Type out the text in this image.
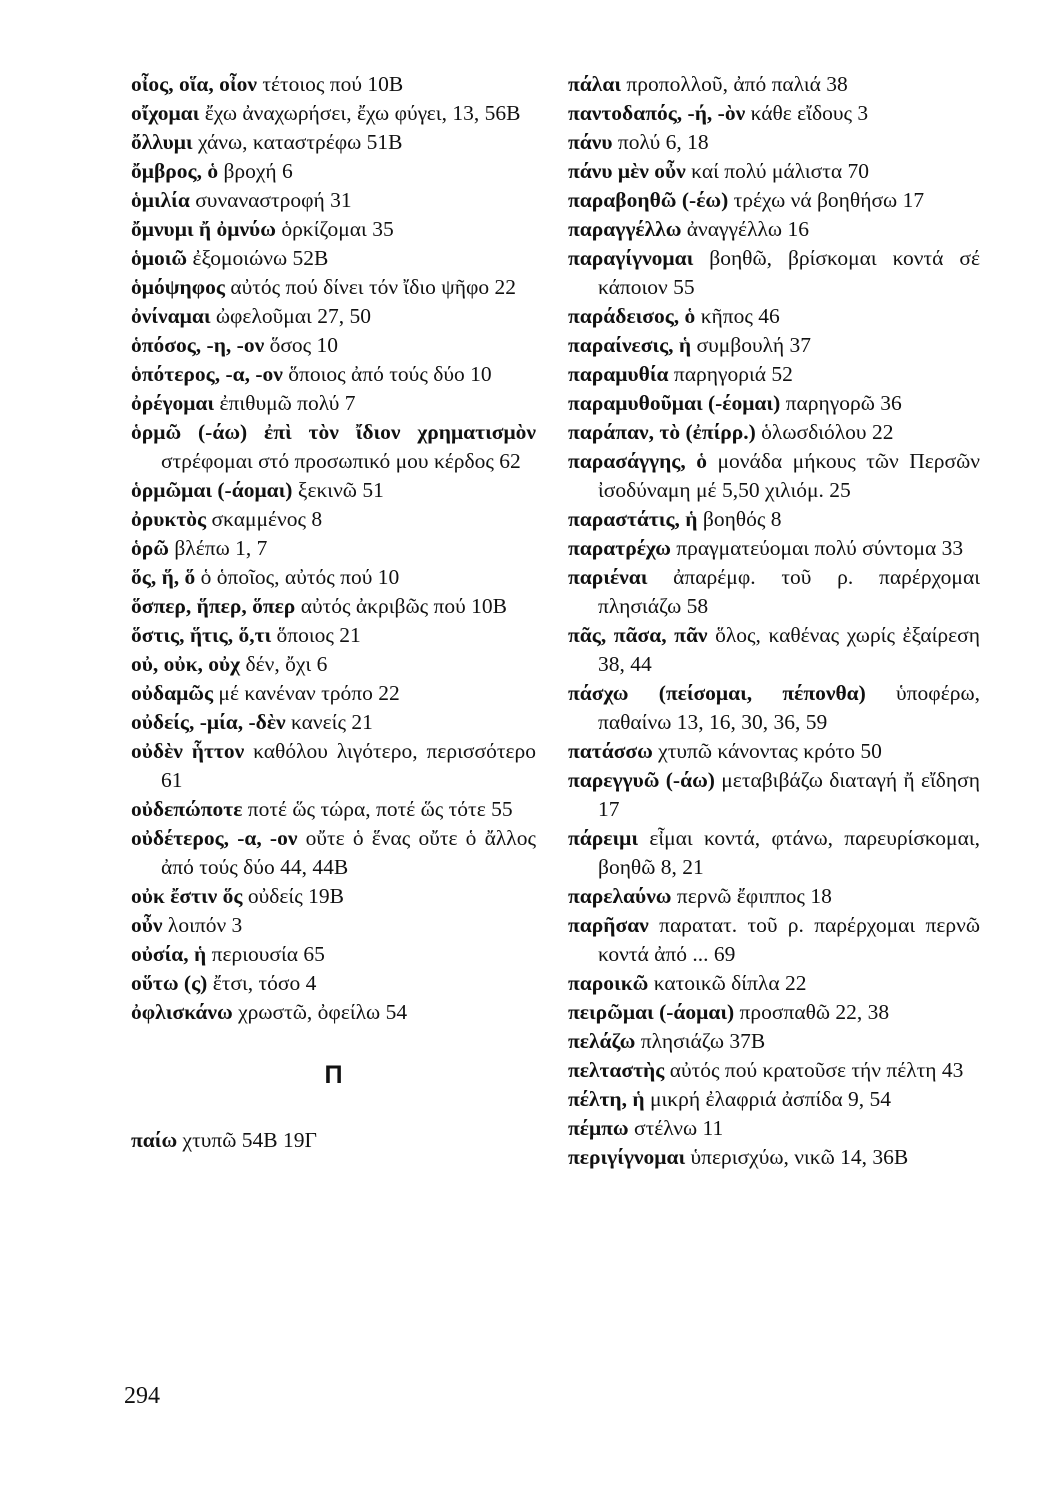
οἶος, οἵα, οἶον τέτοιος πού 10Β
οἴχομαι ἔχω ἀναχωρήσει, ἔχω φύγει, 13, 56Β
ὄλλυμι χάνω, καταστρέφω 51Β
ὄμβρος, ὁ βροχή 6
ὁμιλία συναναστροφή 31
ὄμνυμι ἤ ὀμνύω ὁρκίζομαι 35
ὁμοιῶ ἐξομοιώνω 52Β
ὁμόψηφος αὐτός πού δίνει τόν ἴδιο ψῆφο 22
ὀνίναμαι ὠφελοῦμαι 27, 50
ὁπόσος, -η, -ον ὅσος 10
ὁπότερος, -α, -ον ὅποιος ἀπό τούς δύο 10
ὀρέγομαι ἐπιθυμῶ πολύ 7
ὁρμῶ (-άω) ἐπὶ τὸν ἴδιον χρηματισμὸν στρέφομαι στό προσωπικό μου κέρδος 62
ὁρμῶμαι (-άομαι) ξεκινῶ 51
ὀρυκτὸς σκαμμένος 8
ὁρῶ βλέπω 1, 7
ὅς, ἥ, ὅ ὁ ὁποῖος, αὐτός πού 10
ὅσπερ, ἥπερ, ὅπερ αὐτός ἀκριβῶς πού 10Β
ὅστις, ἥτις, ὅ,τι ὅποιος 21
οὐ, οὐκ, οὐχ δέν, ὄχι 6
οὐδαμῶς μέ κανέναν τρόπο 22
οὐδείς, -μία, -δὲν κανείς 21
οὐδὲν ἧττον καθόλου λιγότερο, περισσότερο 61
οὐδεπώποτε ποτέ ὥς τώρα, ποτέ ὥς τότε 55
οὐδέτερος, -α, -ον οὔτε ὁ ἕνας οὔτε ὁ ἄλλος ἀπό τούς δύο 44, 44Β
οὐκ ἔστιν ὅς οὐδείς 19Β
οὖν λοιπόν 3
οὐσία, ἡ περιουσία 65
οὕτω (ς) ἔτσι, τόσο 4
ὀφλισκάνω χρωστῶ, ὀφείλω 54
Π
παίω χτυπῶ 54Β 19Γ
πάλαι προπολλοῦ, ἀπό παλιά 38
παντοδαπός, -ή, -ὸν κάθε εἴδους 3
πάνυ πολύ 6, 18
πάνυ μὲν οὖν καί πολύ μάλιστα 70
παραβοηθῶ (-έω) τρέχω νά βοηθήσω 17
παραγγέλλω ἀναγγέλλω 16
παραγίγνομαι βοηθῶ, βρίσκομαι κοντά σέ κάποιον 55
παράδεισος, ὁ κῆπος 46
παραίνεσις, ἡ συμβουλή 37
παραμυθία παρηγοριά 52
παραμυθοῦμαι (-έομαι) παρηγορῶ 36
παράπαν, τὸ (ἐπίρρ.) ὁλωσδιόλου 22
παρασάγγης, ὁ μονάδα μήκους τῶν Περσῶν ἰσοδύναμη μέ 5,50 χιλιόμ. 25
παραστάτις, ἡ βοηθός 8
παρατρέχω πραγματεύομαι πολύ σύντομα 33
παριέναι ἀπαρέμφ. τοῦ ρ. παρέρχομαι πλησιάζω 58
πᾶς, πᾶσα, πᾶν ὅλος, καθένας χωρίς ἐξαίρεση 38, 44
πάσχω (πείσομαι, πέπονθα) ὑποφέρω, παθαίνω 13, 16, 30, 36, 59
πατάσσω χτυπῶ κάνοντας κρότο 50
παρεγγυῶ (-άω) μεταβιβάζω διαταγή ἤ εἴδηση 17
πάρειμι εἶμαι κοντά, φτάνω, παρευρίσκομαι, βοηθῶ 8, 21
παρελαύνω περνῶ ἔφιππος 18
παρῆσαν παρατατ. τοῦ ρ. παρέρχομαι περνῶ κοντά ἀπό ... 69
παροικῶ κατοικῶ δίπλα 22
πειρῶμαι (-άομαι) προσπαθῶ 22, 38
πελάζω πλησιάζω 37Β
πελταστὴς αὐτός πού κρατοῦσε τήν πέλτη 43
πέλτη, ἡ μικρή ἐλαφριά ἀσπίδα 9, 54
πέμπω στέλνω 11
περιγίγνομαι ὑπερισχύω, νικῶ 14, 36Β
294
